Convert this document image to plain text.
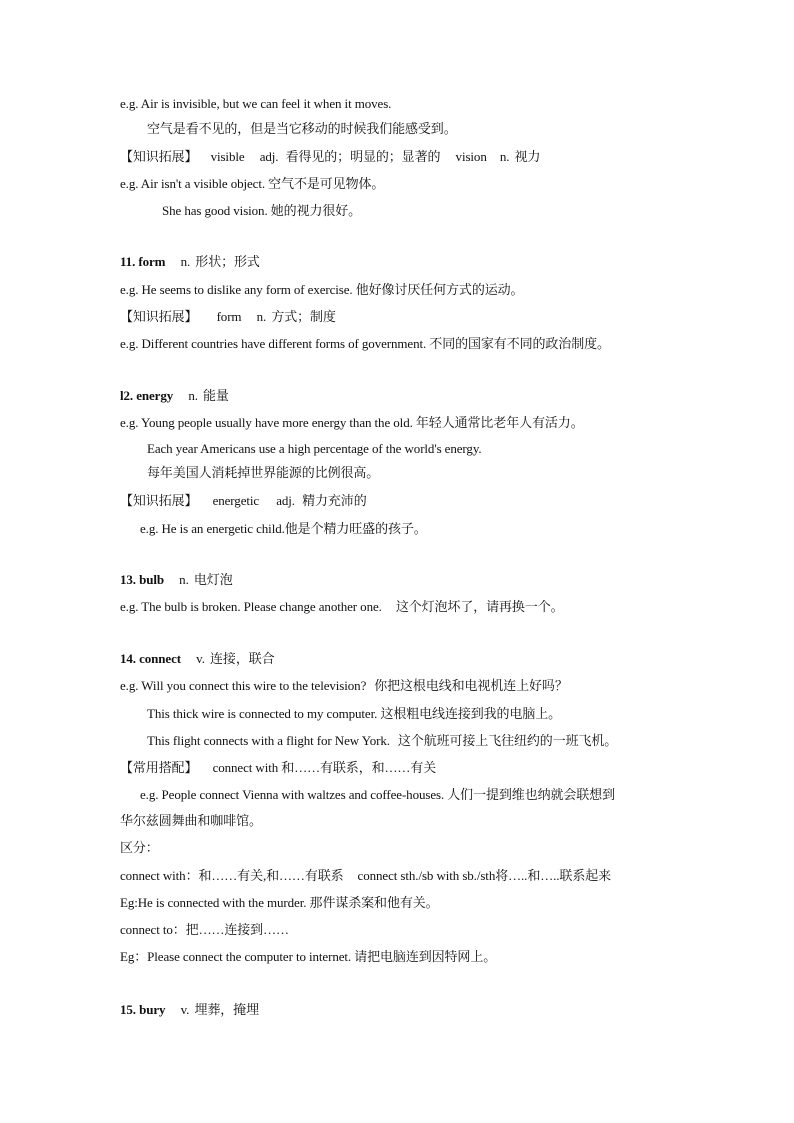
e.g. Air is invisible, but we can feel it when it moves.
空气是看不见的，但是当它移动的时候我们能感受到。
【知识拓展】 visible adj. 看得见的；明显的；显著的 vision n. 视力
e.g. Air isn't a visible object. 空气不是可见物体。
She has good vision. 她的视力很好。
11. form n. 形状；形式
e.g. He seems to dislike any form of exercise. 他好像讨厌任何方式的运动。
【知识拓展】 form n. 方式；制度
e.g. Different countries have different forms of government. 不同的国家有不同的政治制度。
l2. energy n. 能量
e.g. Young people usually have more energy than the old. 年轻人通常比老年人有活力。
Each year Americans use a high percentage of the world's energy.
每年美国人消耗掉世界能源的比例很高。
【知识拓展】 energetic adj. 精力充沛的
e.g. He is an energetic child.他是个精力旺盛的孩子。
13. bulb n. 电灯泡
e.g. The bulb is broken. Please change another one. 这个灯泡坏了，请再换一个。
14. connect v. 连接，联合
e.g. Will you connect this wire to the television? 你把这根电线和电视机连上好吗？
This thick wire is connected to my computer. 这根粗电线连接到我的电脑上。
This flight connects with a flight for New York. 这个航班可接上飞往纽约的一班飞机。
【常用搭配】 connect with 和……有联系，和……有关
e.g. People connect Vienna with waltzes and coffee-houses. 人们一提到维也纳就会联想到
华尔兹圆舞曲和咖啡馆。
区分：
connect with：和……有关,和……有联系 connect sth./sb with sb./sth将…..和…..联系起来
Eg:He is connected with the murder. 那件谋杀案和他有关。
connect to：把……连接到……
Eg：Please connect the computer to internet. 请把电脑连到因特网上。
15. bury v. 埋葬，掩埋
